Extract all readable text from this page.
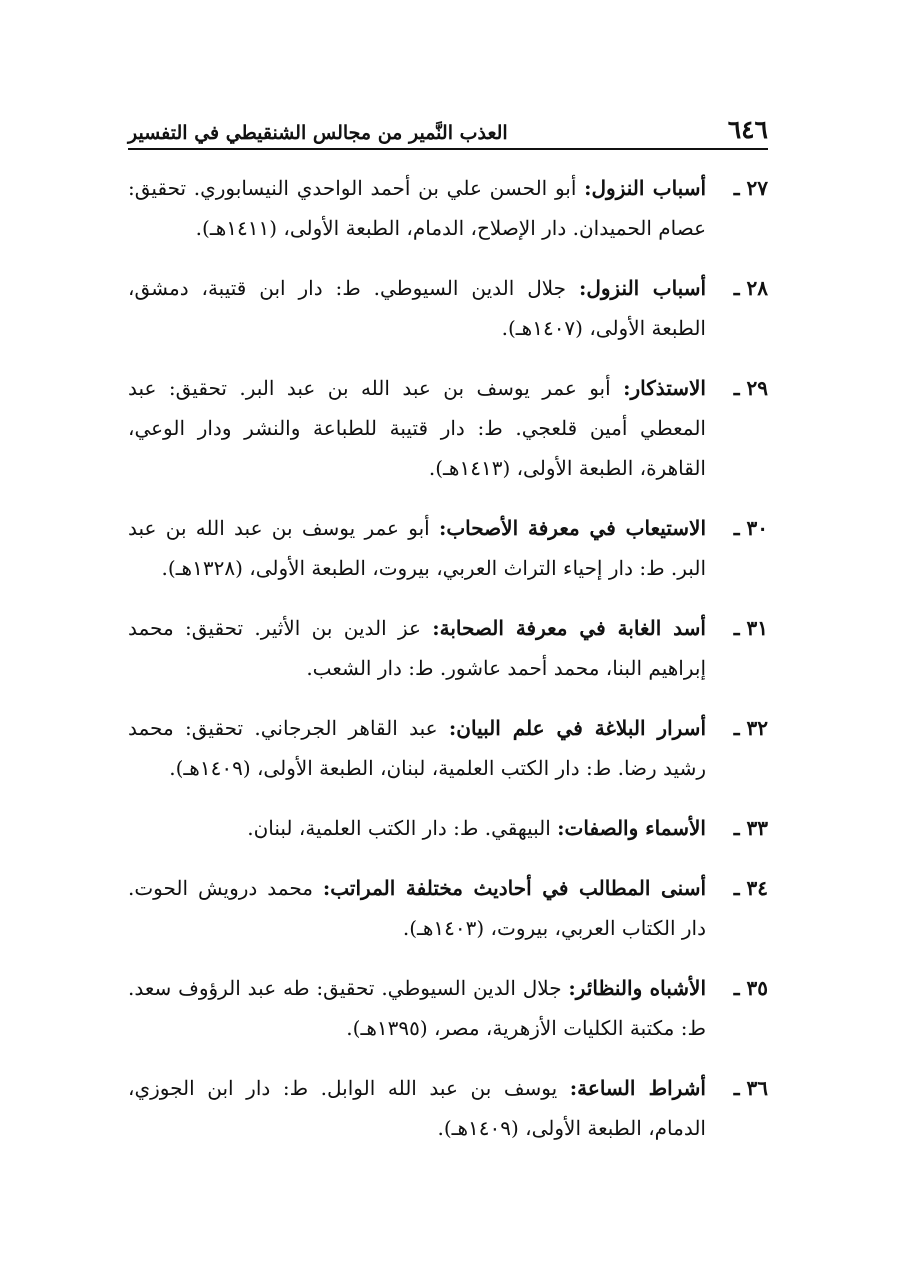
٦٤٦
العذب النَّمير من مجالس الشنقيطي في التفسير
٢٧ ـ
أسباب النزول: أبو الحسن علي بن أحمد الواحدي النيسابوري. تحقيق: عصام الحميدان. دار الإصلاح، الدمام، الطبعة الأولى، (١٤١١هـ).
٢٨ ـ
أسباب النزول: جلال الدين السيوطي. ط: دار ابن قتيبة، دمشق، الطبعة الأولى، (١٤٠٧هـ).
٢٩ ـ
الاستذكار: أبو عمر يوسف بن عبد الله بن عبد البر. تحقيق: عبد المعطي أمين قلعجي. ط: دار قتيبة للطباعة والنشر ودار الوعي، القاهرة، الطبعة الأولى، (١٤١٣هـ).
٣٠ ـ
الاستيعاب في معرفة الأصحاب: أبو عمر يوسف بن عبد الله بن عبد البر. ط: دار إحياء التراث العربي، بيروت، الطبعة الأولى، (١٣٢٨هـ).
٣١ ـ
أسد الغابة في معرفة الصحابة: عز الدين بن الأثير. تحقيق: محمد إبراهيم البنا، محمد أحمد عاشور. ط: دار الشعب.
٣٢ ـ
أسرار البلاغة في علم البيان: عبد القاهر الجرجاني. تحقيق: محمد رشيد رضا. ط: دار الكتب العلمية، لبنان، الطبعة الأولى، (١٤٠٩هـ).
٣٣ ـ
الأسماء والصفات: البيهقي. ط: دار الكتب العلمية، لبنان.
٣٤ ـ
أسنى المطالب في أحاديث مختلفة المراتب: محمد درويش الحوت. دار الكتاب العربي، بيروت، (١٤٠٣هـ).
٣٥ ـ
الأشباه والنظائر: جلال الدين السيوطي. تحقيق: طه عبد الرؤوف سعد. ط: مكتبة الكليات الأزهرية، مصر، (١٣٩٥هـ).
٣٦ ـ
أشراط الساعة: يوسف بن عبد الله الوابل. ط: دار ابن الجوزي، الدمام، الطبعة الأولى، (١٤٠٩هـ).
